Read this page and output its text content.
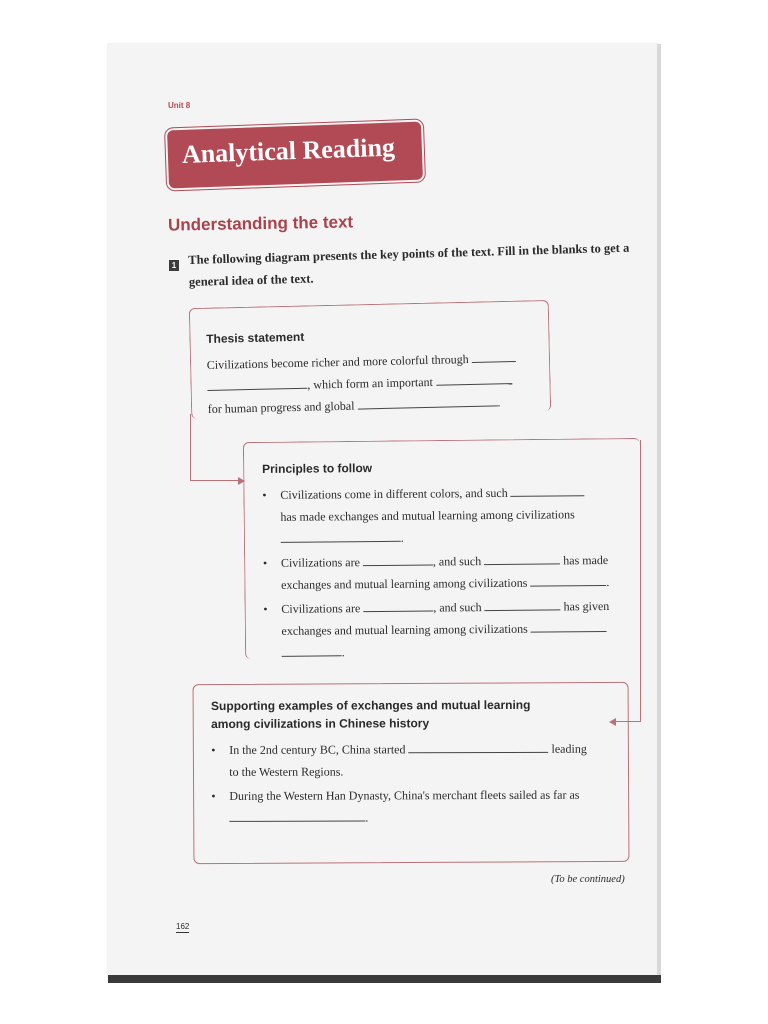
Unit 8
Analytical Reading
Understanding the text
1 The following diagram presents the key points of the text. Fill in the blanks to get a general idea of the text.
Thesis statement
Civilizations become richer and more colorful through
, which form an important
for human progress and global	.
Principles to follow
• Civilizations come in different colors, and such
has made exchanges and mutual learning among civilizations
.
• Civilizations are	, and such	has made
exchanges and mutual learning among civilizations	.
• Civilizations are	, and such	has given
exchanges and mutual learning among civilizations
.
Supporting examples of exchanges and mutual learning among civilizations in Chinese history
• In the 2nd century BC, China started	leading
to the Western Regions.
• During the Western Han Dynasty, China's merchant fleets sailed as far as
.
(To be continued)
162
